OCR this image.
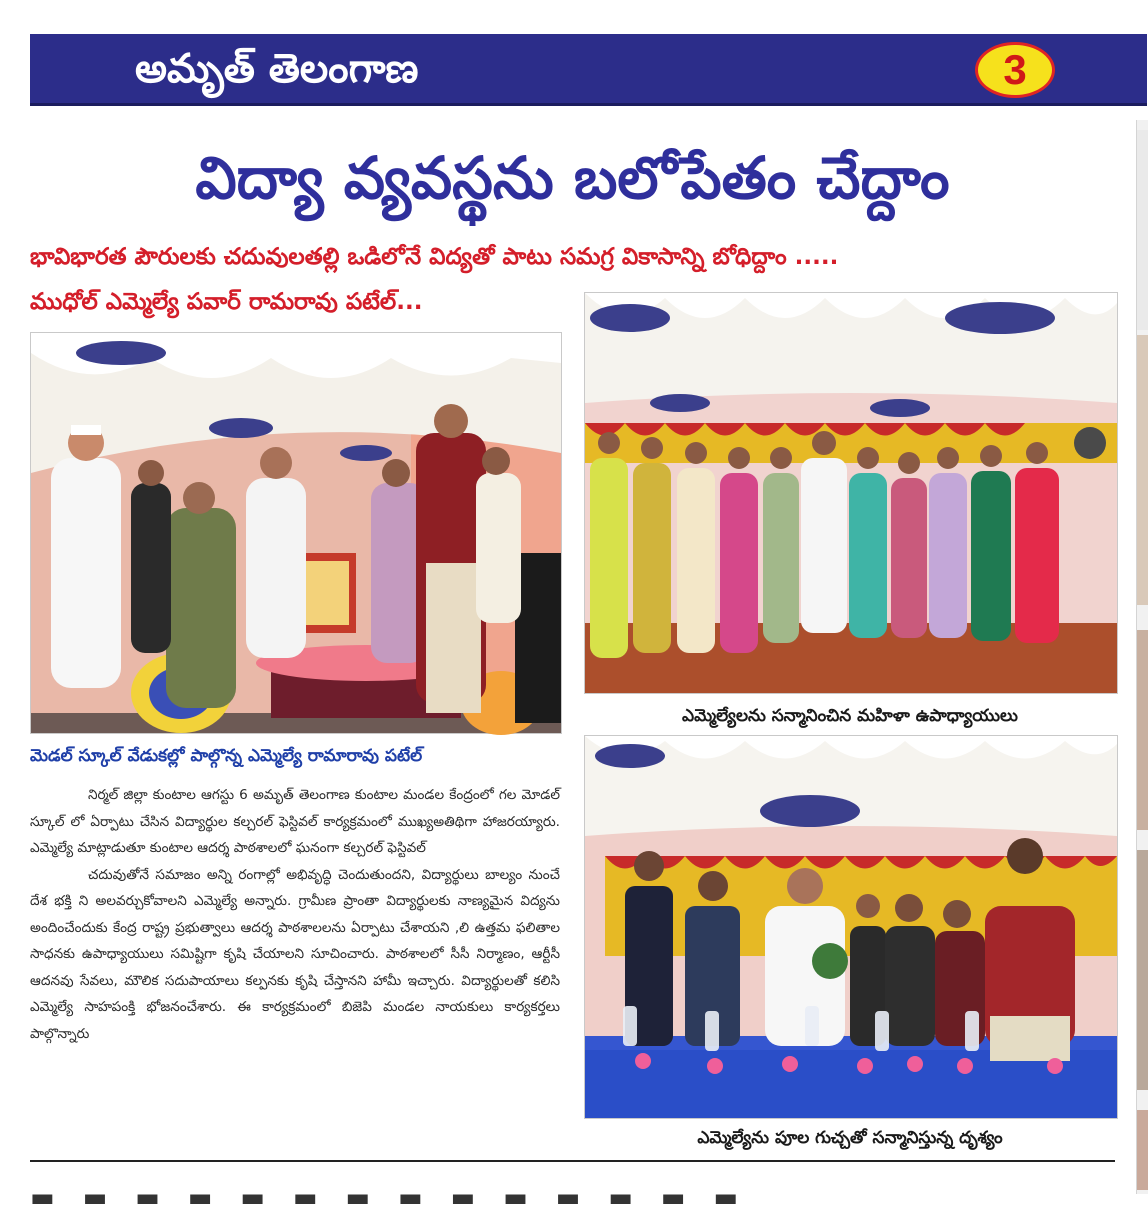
అమృత్ తెలంగాణ	3
విద్యా వ్యవస్థను బలోపేతం చేద్దాం
భావిభారత పౌరులకు చదువులతల్లి ఒడిలోనే విద్యతో పాటు సమగ్ర వికాసాన్ని బోధిద్దాం .....
ముధోల్ ఎమ్మెల్యే పవార్ రామరావు పటేల్...
మెడల్ స్కూల్ వేడుకల్లో పాల్గొన్న ఎమ్మెల్యే రామారావు పటేల్

నిర్మల్ జిల్లా కుంటాల ఆగస్టు 6 అమృత్ తెలంగాణ కుంటాల మండల కేంద్రంలో గల మోడల్ స్కూల్ లో ఏర్పాటు చేసిన విద్యార్థుల కల్చరల్ ఫెస్టివల్ కార్యక్రమంలో ముఖ్యఅతిథిగా హాజరయ్యారు. ఎమ్మెల్యే మాట్లాడుతూ కుంటాల ఆదర్శ పాఠశాలలో ఘనంగా కల్చరల్ ఫెస్టివల్

చదువుతోనే సమాజం అన్ని రంగాల్లో అభివృద్ధి చెందుతుందని, విద్యార్థులు బాల్యం నుంచే దేశ భక్తి ని అలవర్చుకోవాలని ఎమ్మెల్యే అన్నారు. గ్రామీణ ప్రాంతా విద్యార్థులకు నాణ్యమైన విద్యను అందించేందుకు కేంద్ర రాష్ట్ర ప్రభుత్వాలు ఆదర్శ పాఠశాలలను ఏర్పాటు చేశాయని ,లి ఉత్తమ ఫలితాల సాధనకు ఉపాధ్యాయులు సమిష్టిగా కృషి చేయాలని సూచించారు. పాఠశాలలో సీసీ నిర్మాణం, ఆర్టీసీ ఆదనవు సేవలు, మౌలిక సదుపాయాలు కల్పనకు కృషి చేస్తానని హామీ ఇచ్చారు. విద్యార్థులతో కలిసి ఎమ్మెల్యే సాహపంక్తి భోజనంచేశారు. ఈ కార్యక్రమంలో బిజెపి మండల నాయకులు కార్యకర్తలు పాల్గొన్నారు

ఎమ్మెల్యేలను సన్మానించిన మహిళా ఉపాధ్యాయులు
ఎమ్మెల్యేను పూల గుచ్చతో సన్మానిస్తున్న దృశ్యం
▬▬▬▬▬▬▬▬▬▬▬▬▬▬
